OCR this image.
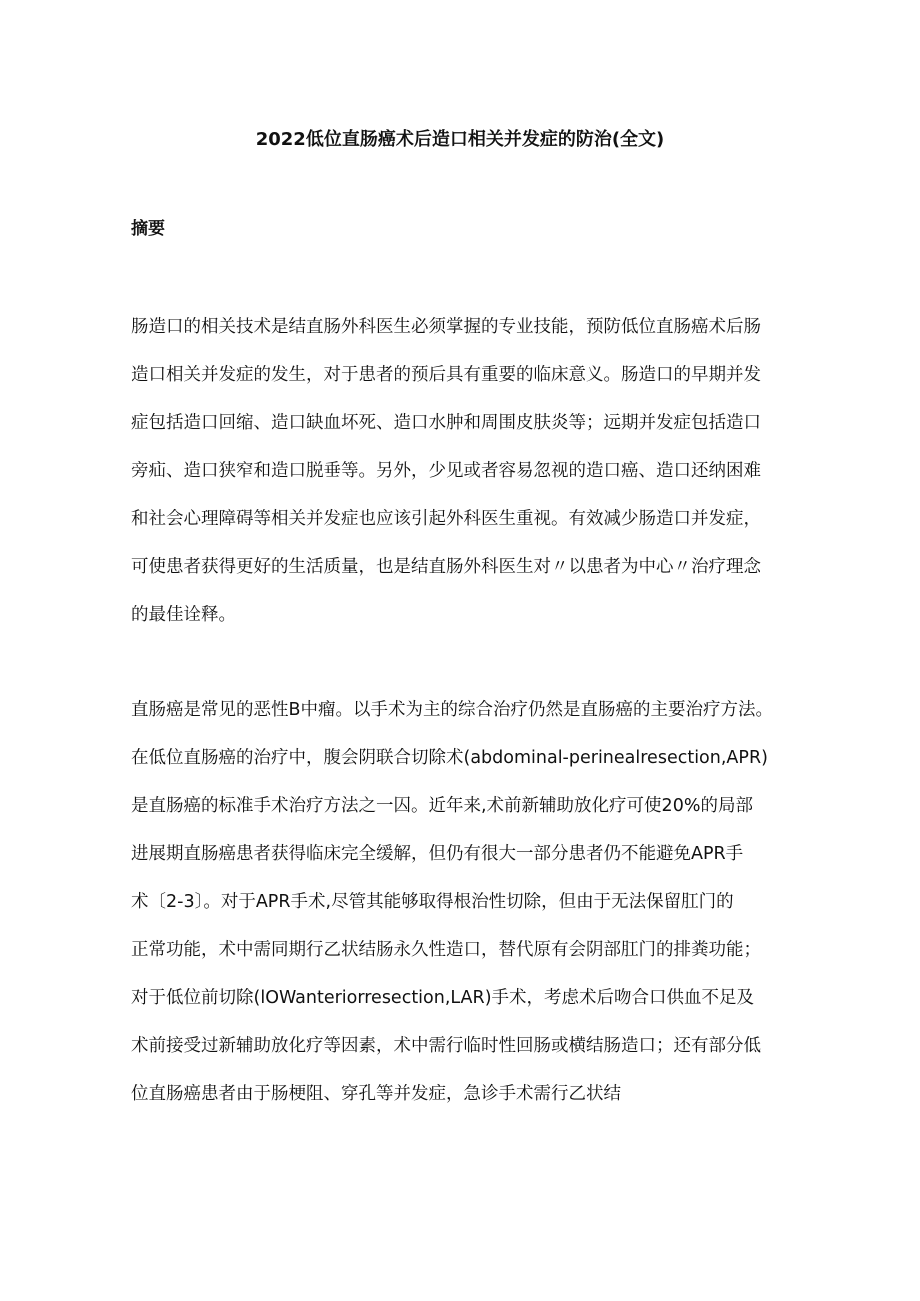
2022低位直肠癌术后造口相关并发症的防治(全文)
摘要

肠造口的相关技术是结直肠外科医生必须掌握的专业技能，预防低位直肠癌术后肠
造口相关并发症的发生，对于患者的预后具有重要的临床意义。肠造口的早期并发
症包括造口回缩、造口缺血坏死、造口水肿和周围皮肤炎等；远期并发症包括造口
旁疝、造口狭窄和造口脱垂等。另外，少见或者容易忽视的造口癌、造口还纳困难
和社会心理障碍等相关并发症也应该引起外科医生重视。有效减少肠造口并发症，
可使患者获得更好的生活质量，也是结直肠外科医生对〃以患者为中心〃治疗理念
的最佳诠释。

直肠癌是常见的恶性B中瘤。以手术为主的综合治疗仍然是直肠癌的主要治疗方法。
在低位直肠癌的治疗中，腹会阴联合切除术(abdominal-perinealresection,APR)
是直肠癌的标准手术治疗方法之一囚。近年来,术前新辅助放化疗可使20%的局部
进展期直肠癌患者获得临床完全缓解，但仍有很大一部分患者仍不能避免APR手
术〔2-3〕。对于APR手术,尽管其能够取得根治性切除，但由于无法保留肛门的
正常功能，术中需同期行乙状结肠永久性造口，替代原有会阴部肛门的排粪功能；
对于低位前切除(lOWanteriorresection,LAR)手术，考虑术后吻合口供血不足及
术前接受过新辅助放化疗等因素，术中需行临时性回肠或横结肠造口；还有部分低
位直肠癌患者由于肠梗阻、穿孔等并发症，急诊手术需行乙状结
